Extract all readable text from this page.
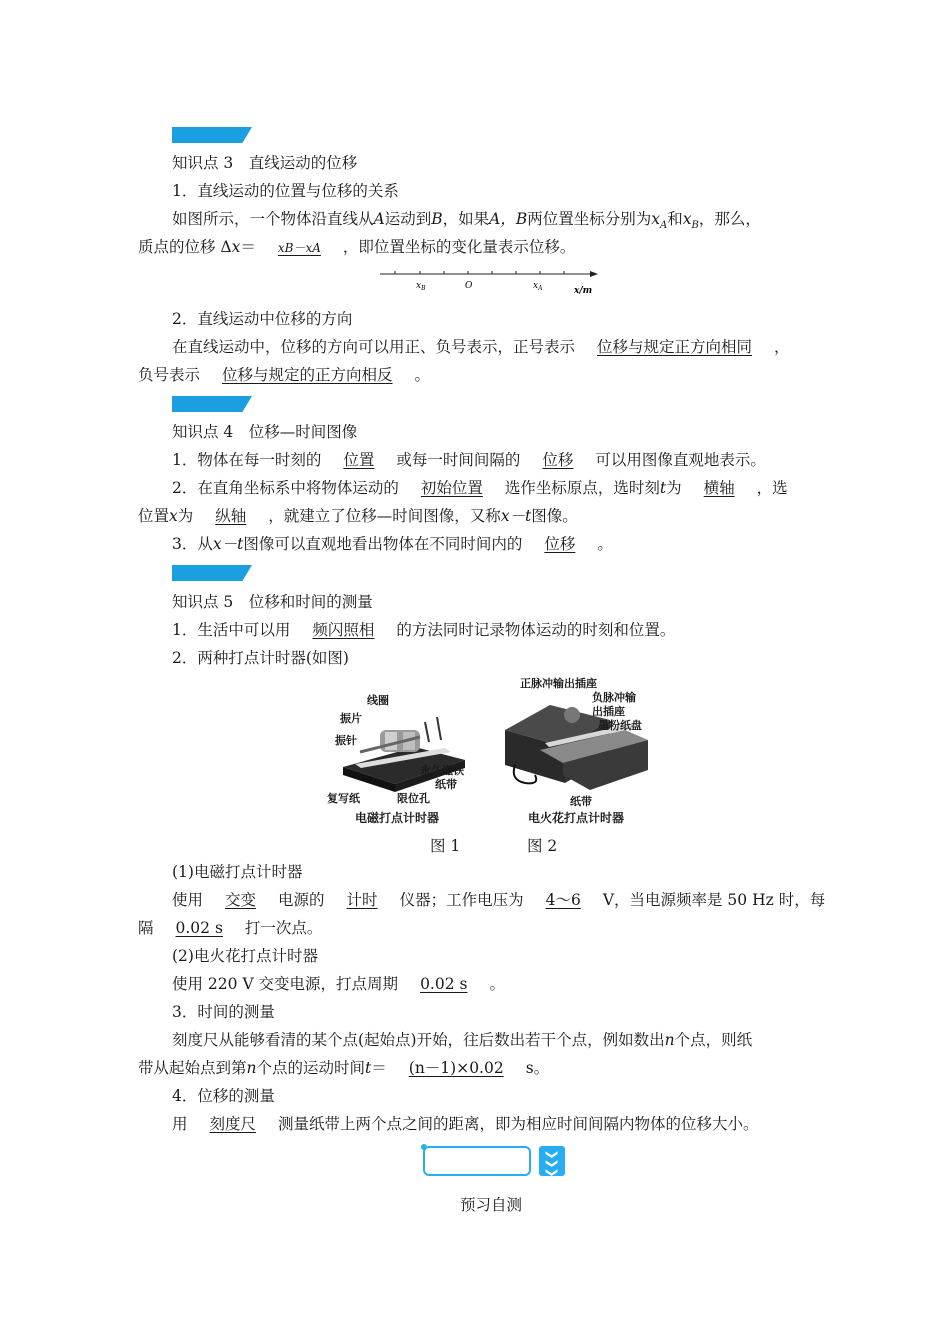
知识点 3　直线运动的位移
1．直线运动的位置与位移的关系
如图所示，一个物体沿直线从A运动到B，如果A，B两位置坐标分别为$x_A$和$x_B$，那么，
质点的位移 Δx＝ xB－xA ，即位置坐标的变化量表示位移。
$x_B$	O	$x_A$	x/m
2．直线运动中位移的方向
在直线运动中，位移的方向可以用正、负号表示，正号表示 位移与规定正方向相同 ，
负号表示 位移与规定的正方向相反 。
知识点 4　位移—时间图像
1．物体在每一时刻的 位置 或每一时间间隔的 位移 可以用图像直观地表示。
2．在直角坐标系中将物体运动的 初始位置 选作坐标原点，选时刻t为 横轴 ，选
位置x为 纵轴 ，就建立了位移—时间图像，又称x－t图像。
3．从x－t图像可以直观地看出物体在不同时间内的 位移 。
知识点 5　位移和时间的测量
1．生活中可以用 频闪照相 的方法同时记录物体运动的时刻和位置。
2．两种打点计时器(如图)
线圈
振片
振针
永久磁铁
纸带
复写纸	限位孔
电磁打点计时器
正脉冲输出插座
负脉冲输
出插座
墨粉纸盘
纸带
电火花打点计时器
图 1	图 2
(1)电磁打点计时器
使用 交变 电源的 计时 仪器；工作电压为 4～6 V，当电源频率是 50 Hz 时，每
隔 0.02 s 打一次点。
(2)电火花打点计时器
使用 220 V 交变电源，打点周期 0.02 s 。
3．时间的测量
刻度尺从能够看清的某个点(起始点)开始，往后数出若干个点，例如数出n个点，则纸
带从起始点到第n个点的运动时间t＝ (n－1)×0.02 s。
4．位移的测量
用 刻度尺 测量纸带上两个点之间的距离，即为相应时间间隔内物体的位移大小。
❯
❯
❯
预习自测
